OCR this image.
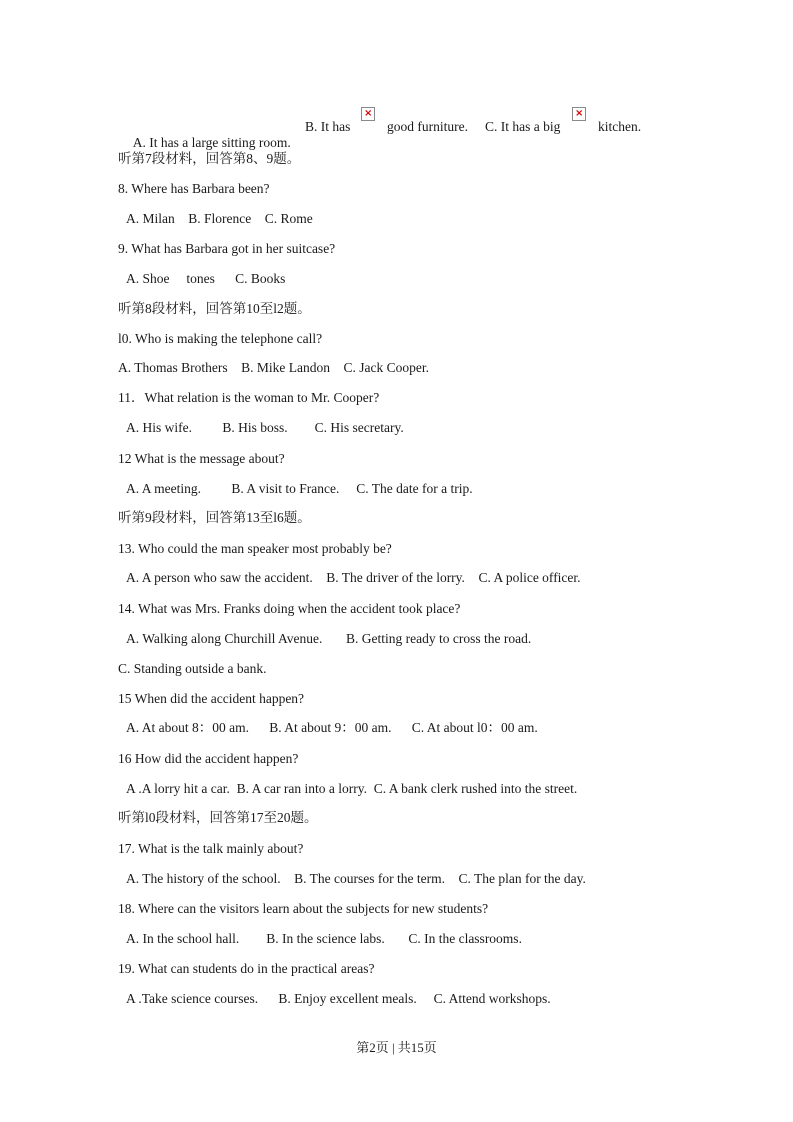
A. It has a large sitting room.

B. It has
×
good furniture. C. It has a big
×
kitchen.
听第7段材料，回答第8、9题。
8. Where has Barbara been?
A. Milan B. Florence C. Rome
9. What has Barbara got in her suitcase?
A. Shoe tones C. Books
听第8段材料，回答第10至l2题。
l0. Who is making the telephone call?
A. Thomas Brothers B. Mike Landon C. Jack Cooper.
11．What relation is the woman to Mr. Cooper?
A. His wife. B. His boss. C. His secretary.
12 What is the message about?
A. A meeting. B. A visit to France. C. The date for a trip.
听第9段材料，回答第13至l6题。
13. Who could the man speaker most probably be?
A. A person who saw the accident. B. The driver of the lorry. C. A police officer.
14. What was Mrs. Franks doing when the accident took place?
A. Walking along Churchill Avenue. B. Getting ready to cross the road.
C. Standing outside a bank.
15 When did the accident happen?
A. At about 8：00 am. B. At about 9：00 am. C. At about l0：00 am.
16 How did the accident happen?
A .A lorry hit a car. B. A car ran into a lorry. C. A bank clerk rushed into the street.
听第l0段材料，回答第17至20题。
17. What is the talk mainly about?
A. The history of the school. B. The courses for the term. C. The plan for the day.
18. Where can the visitors learn about the subjects for new students?
A. In the school hall. B. In the science labs. C. In the classrooms.
19. What can students do in the practical areas?
A .Take science courses. B. Enjoy excellent meals. C. Attend workshops.
第2页 | 共15页
